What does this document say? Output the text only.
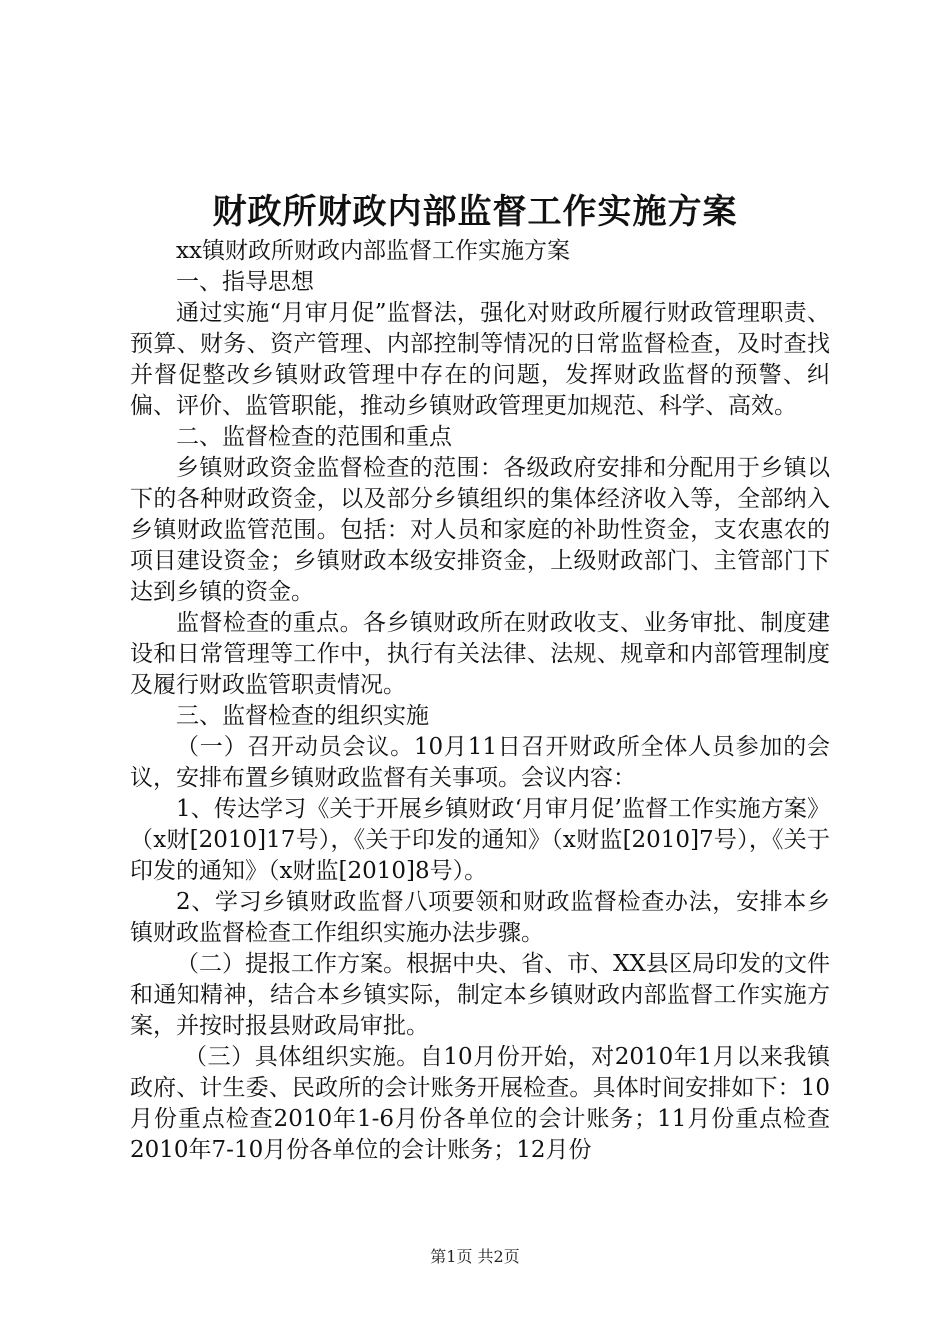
财政所财政内部监督工作实施方案

xx镇财政所财政内部监督工作实施方案

一、指导思想

通过实施“月审月促”监督法，强化对财政所履行财政管理职责、预算、财务、资产管理、内部控制等情况的日常监督检查，及时查找并督促整改乡镇财政管理中存在的问题，发挥财政监督的预警、纠偏、评价、监管职能，推动乡镇财政管理更加规范、科学、高效。

二、监督检查的范围和重点

乡镇财政资金监督检查的范围：各级政府安排和分配用于乡镇以下的各种财政资金，以及部分乡镇组织的集体经济收入等，全部纳入乡镇财政监管范围。包括：对人员和家庭的补助性资金，支农惠农的项目建设资金；乡镇财政本级安排资金，上级财政部门、主管部门下达到乡镇的资金。

监督检查的重点。各乡镇财政所在财政收支、业务审批、制度建设和日常管理等工作中，执行有关法律、法规、规章和内部管理制度及履行财政监管职责情况。

三、监督检查的组织实施

（一）召开动员会议。10月11日召开财政所全体人员参加的会议，安排布置乡镇财政监督有关事项。会议内容：

1、传达学习《关于开展乡镇财政‘月审月促’监督工作实施方案》（x财[2010]17号），《关于印发的通知》（x财监[2010]7号），《关于印发的通知》（x财监[2010]8号）。

2、学习乡镇财政监督八项要领和财政监督检查办法，安排本乡镇财政监督检查工作组织实施办法步骤。

（二）提报工作方案。根据中央、省、市、XX县区局印发的文件和通知精神，结合本乡镇实际，制定本乡镇财政内部监督工作实施方案，并按时报县财政局审批。

（三）具体组织实施。自10月份开始，对2010年1月以来我镇政府、计生委、民政所的会计账务开展检查。具体时间安排如下：10月份重点检查2010年1-6月份各单位的会计账务；11月份重点检查2010年7-10月份各单位的会计账务；12月份

第1页 共2页
